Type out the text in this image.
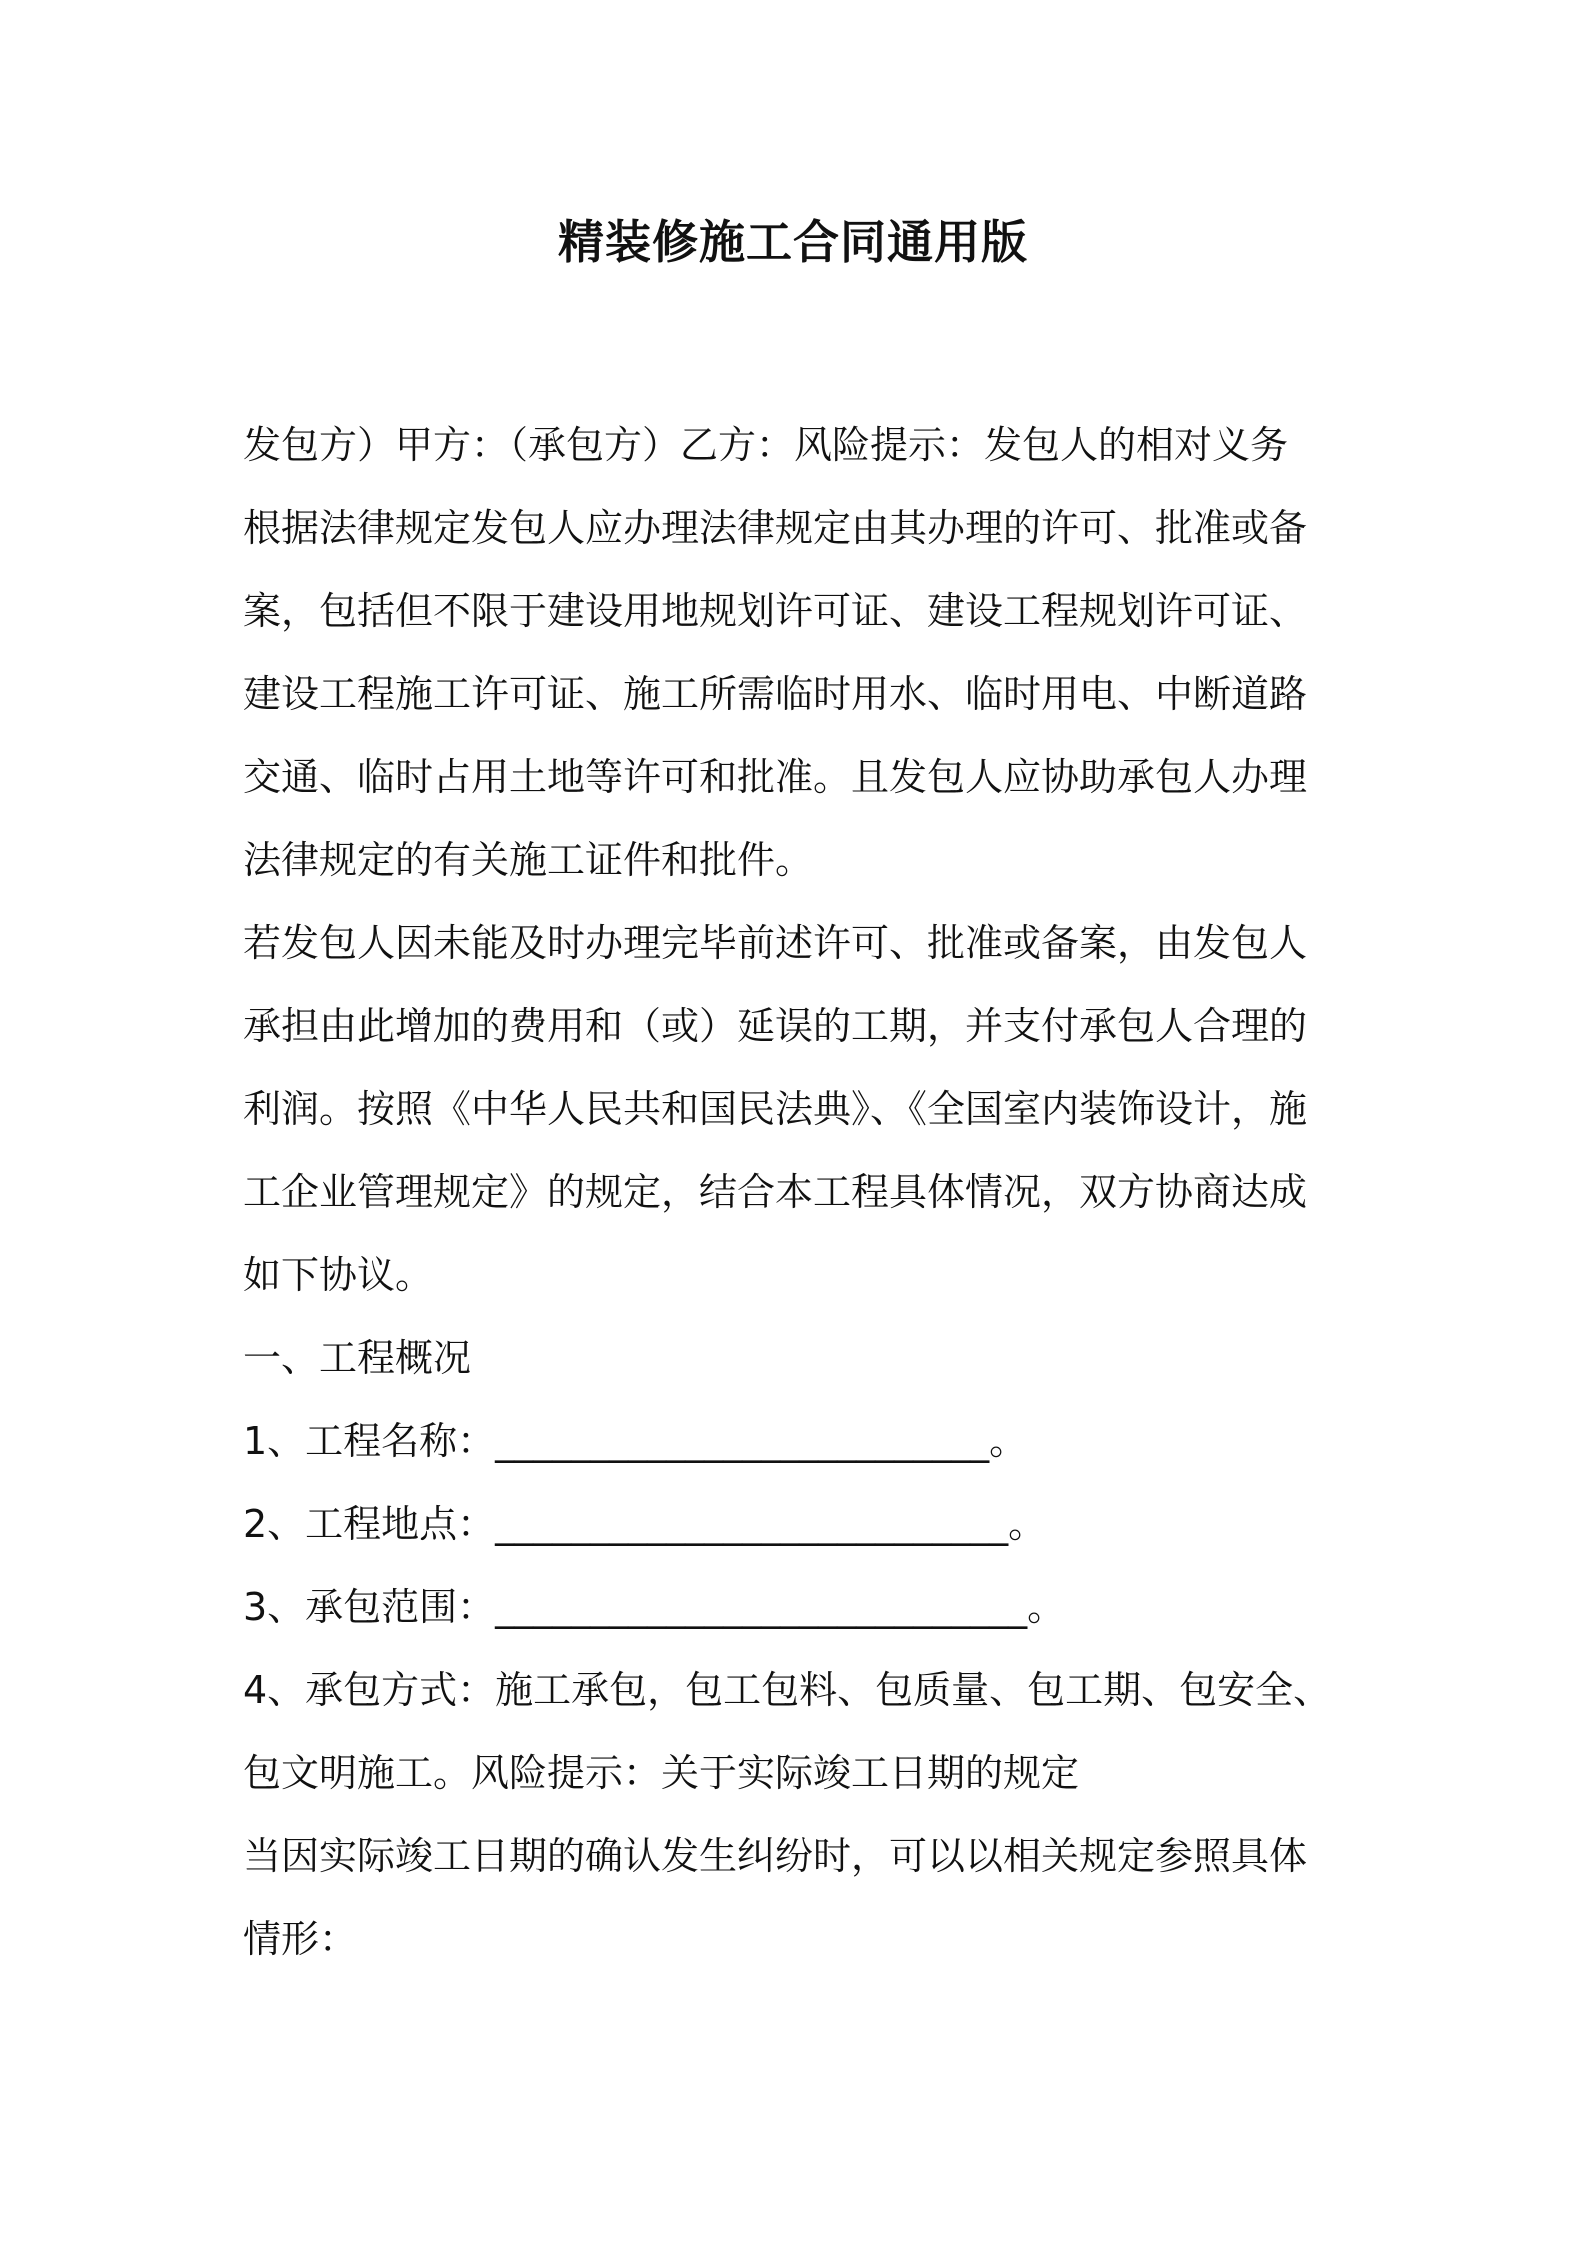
精装修施工合同通用版
发包方）甲方：（承包方）乙方：风险提示：发包人的相对义务
根据法律规定发包人应办理法律规定由其办理的许可、批准或备
案，包括但不限于建设用地规划许可证、建设工程规划许可证、
建设工程施工许可证、施工所需临时用水、临时用电、中断道路
交通、临时占用土地等许可和批准。且发包人应协助承包人办理
法律规定的有关施工证件和批件。
若发包人因未能及时办理完毕前述许可、批准或备案，由发包人
承担由此增加的费用和（或）延误的工期，并支付承包人合理的
利润。按照《中华人民共和国民法典》、《全国室内装饰设计，施
工企业管理规定》的规定，结合本工程具体情况，双方协商达成
如下协议。
一、工程概况
1、工程名称：__________________________。
2、工程地点：___________________________。
3、承包范围：____________________________。
4、承包方式：施工承包，包工包料、包质量、包工期、包安全、
包文明施工。风险提示：关于实际竣工日期的规定
当因实际竣工日期的确认发生纠纷时，可以以相关规定参照具体
情形：
